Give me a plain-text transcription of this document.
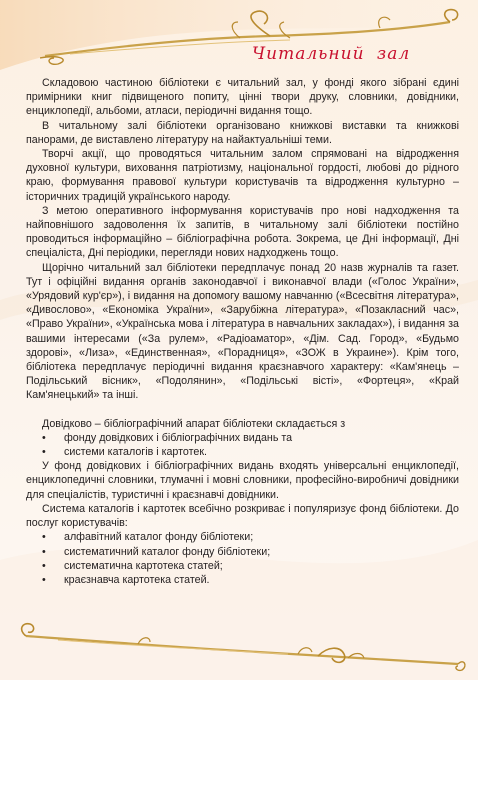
Читальний зал

Складовою частиною бібліотеки є читальний зал, у фонді якого зібрані єдині примірники книг підвищеного попиту, цінні твори друку, словники, довідники, енциклопедії, альбоми, атласи, періодичні видання тощо.

В читальному залі бібліотеки організовано книжкові виставки та книжкові панорами, де виставлено літературу на найактуальніші теми.

Творчі акції, що проводяться читальним залом спрямовані на відродження духовної культури, виховання патріотизму, національної гордості, любові до рідного краю, формування правової культури користувачів та відродження культурно – історичних традицій українського народу.

З метою оперативного інформування користувачів про нові надходження та найповнішого задоволення їх запитів, в читальному залі бібліотеки постійно проводиться інформаційно – бібліографічна робота. Зокрема, це Дні інформації, Дні спеціаліста, Дні періодики, перегляди нових надходжень тощо.

Щорічно читальний зал бібліотеки передплачує понад 20 назв журналів та газет. Тут і офіційні видання органів законодавчої і виконавчої влади («Голос України», «Урядовий кур'єр»), і видання на допомогу вашому навчанню («Всесвітня література», «Дивослово», «Економіка України», «Зарубіжна література», «Позакласний час», «Право України», «Українська мова і література в навчальних закладах»), і видання за вашими інтересами («За рулем», «Радіоаматор», «Дім. Сад. Город», «Будьмо здорові», «Лиза», «Единственная», «Порадниця», «ЗОЖ в Украине»). Крім того, бібліотека передплачує періодичні видання краєзнавчого характеру: «Кам'янець – Подільський вісник», «Подолянин», «Подільські вісті», «Фортеця», «Край Кам'янецький» та інші.

Довідково – бібліографічний апарат бібліотеки складається з

• фонду довідкових і бібліографічних видань та
• системи каталогів і картотек.

У фонд довідкових і бібліографічних видань входять універсальні енциклопедії, енциклопедичні словники, тлумачні і мовні словники, професійно-виробничі довідники для спеціалістів, туристичні і краєзнавчі довідники.

Система каталогів і картотек всебічно розкриває і популяризує фонд бібліотеки. До послуг користувачів:

• алфавітний каталог фонду бібліотеки;
• систематичний каталог фонду бібліотеки;
• систематична картотека статей;
• краєзнавча картотека статей.
